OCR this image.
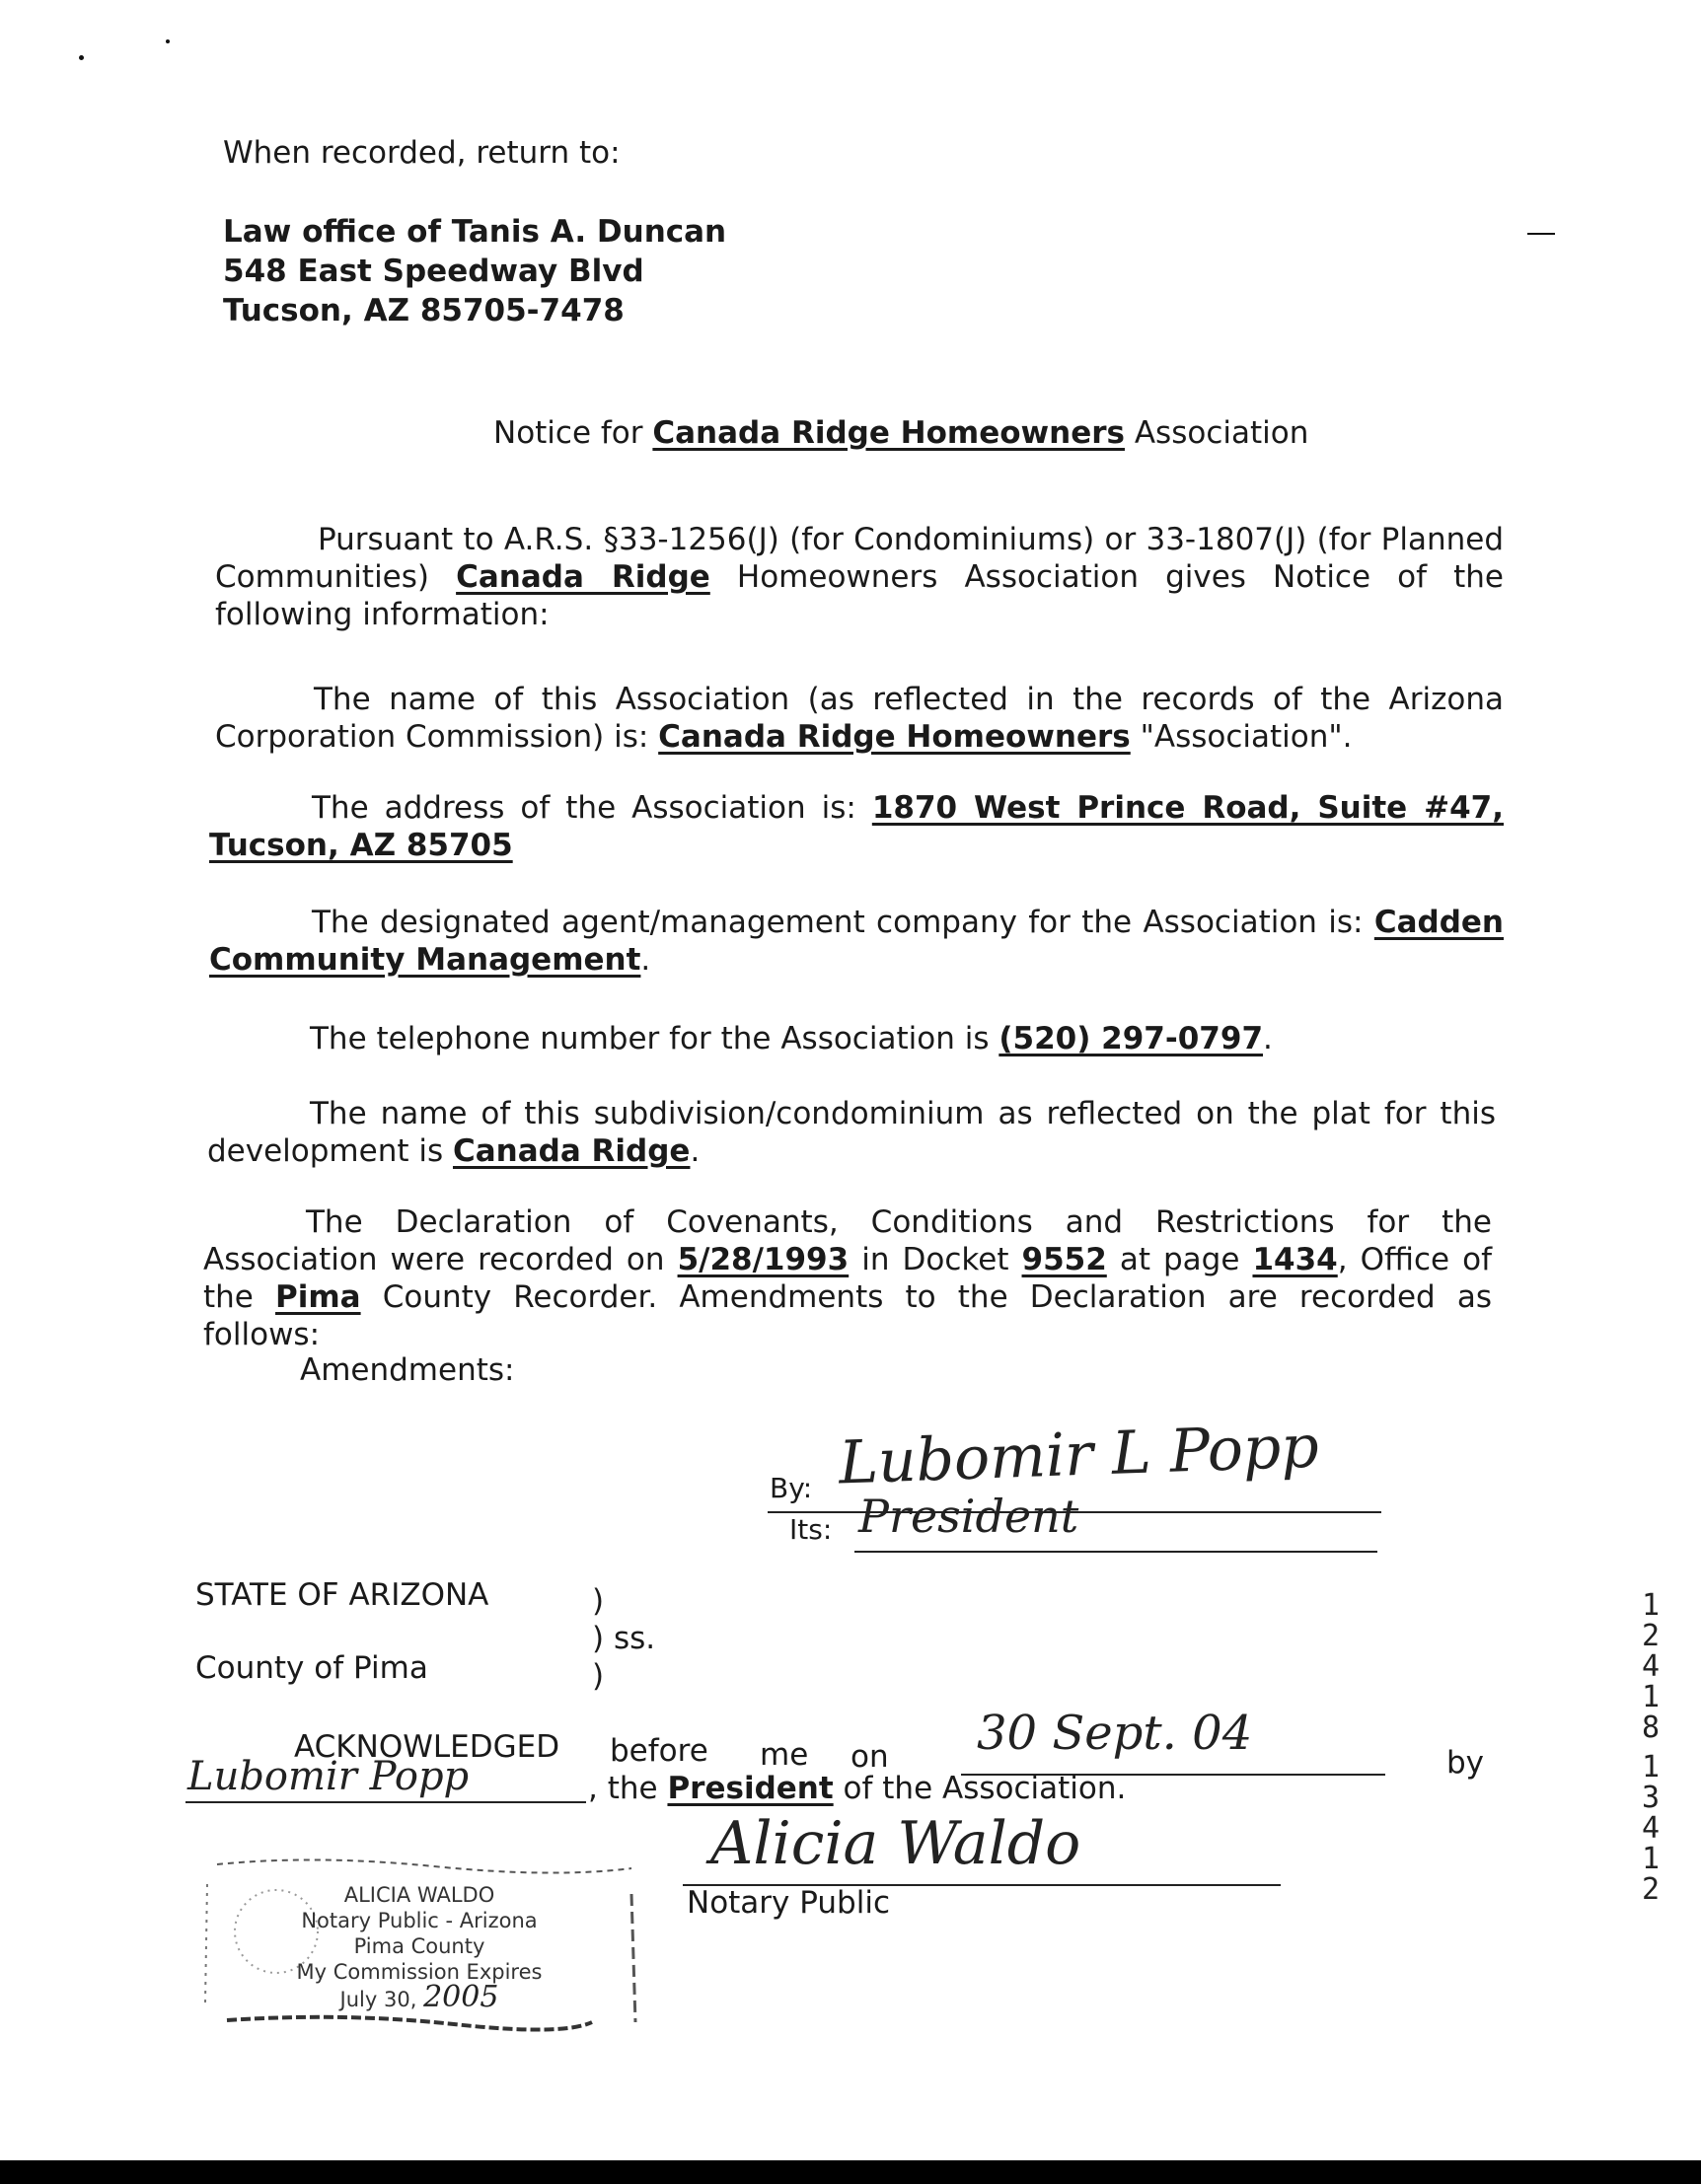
When recorded, return to:
Law office of Tanis A. Duncan
548 East Speedway Blvd
Tucson, AZ 85705-7478
Notice for Canada Ridge Homeowners Association
Pursuant to A.R.S. §33-1256(J) (for Condominiums) or 33-1807(J) (for Planned Communities) Canada Ridge Homeowners Association gives Notice of the following information:
The name of this Association (as reflected in the records of the Arizona Corporation Commission) is: Canada Ridge Homeowners "Association".
The address of the Association is: 1870 West Prince Road, Suite #47, Tucson, AZ 85705
The designated agent/management company for the Association is: Cadden Community Management.
The telephone number for the Association is (520) 297-0797.
The name of this subdivision/condominium as reflected on the plat for this development is Canada Ridge.
The Declaration of Covenants, Conditions and Restrictions for the Association were recorded on 5/28/1993 in Docket 9552 at page 1434, Office of the Pima County Recorder. Amendments to the Declaration are recorded as follows:
Amendments:
By: Lubomir L Popp
Its: President
STATE OF ARIZONA	)
) ss.
County of Pima	)
ACKNOWLEDGED before me on 30 Sept. 04
by
Lubomir Popp	, the President of the Association.
Alicia Waldo
Notary Public
ALICIA WALDO
Notary Public - Arizona
Pima County
My Commission Expires
July 30, 2005
1
2
4
1
8
1
3
4
1
2
